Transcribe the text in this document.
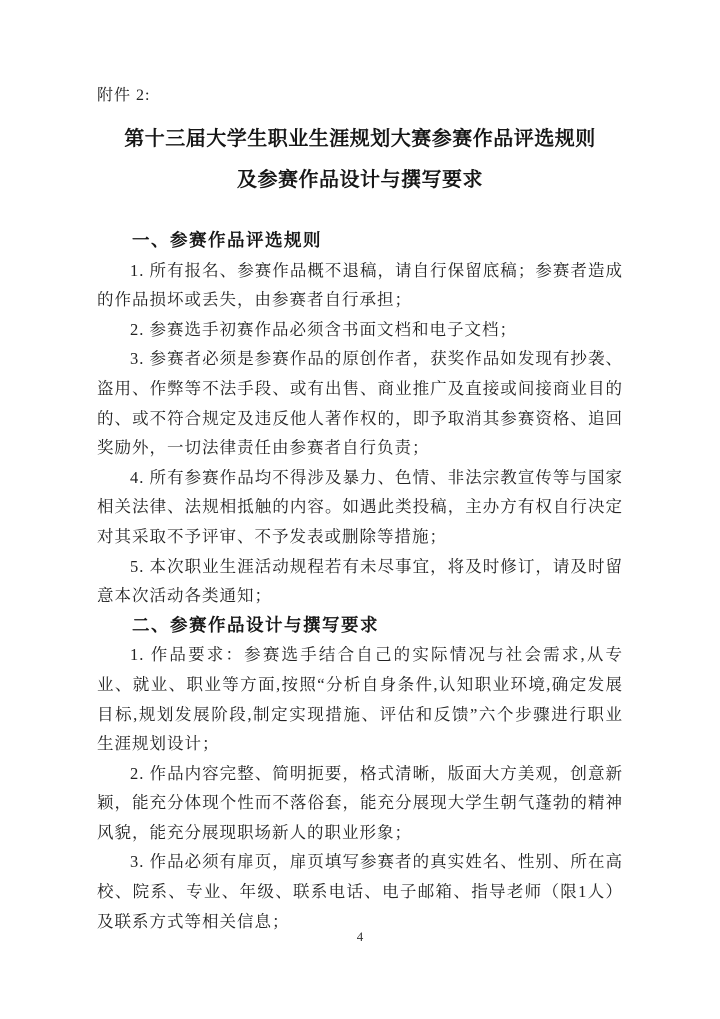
附件 2:
第十三届大学生职业生涯规划大赛参赛作品评选规则
及参赛作品设计与撰写要求
一、参赛作品评选规则

1. 所有报名、参赛作品概不退稿，请自行保留底稿；参赛者造成的作品损坏或丢失，由参赛者自行承担；

2. 参赛选手初赛作品必须含书面文档和电子文档；

3. 参赛者必须是参赛作品的原创作者，获奖作品如发现有抄袭、盗用、作弊等不法手段、或有出售、商业推广及直接或间接商业目的的、或不符合规定及违反他人著作权的，即予取消其参赛资格、追回奖励外，一切法律责任由参赛者自行负责；

4. 所有参赛作品均不得涉及暴力、色情、非法宗教宣传等与国家相关法律、法规相抵触的内容。如遇此类投稿，主办方有权自行决定对其采取不予评审、不予发表或删除等措施；

5. 本次职业生涯活动规程若有未尽事宜，将及时修订，请及时留意本次活动各类通知；

二、参赛作品设计与撰写要求

1. 作品要求：参赛选手结合自己的实际情况与社会需求,从专业、就业、职业等方面,按照“分析自身条件,认知职业环境,确定发展目标,规划发展阶段,制定实现措施、评估和反馈”六个步骤进行职业生涯规划设计；

2. 作品内容完整、简明扼要，格式清晰，版面大方美观，创意新颖，能充分体现个性而不落俗套，能充分展现大学生朝气蓬勃的精神风貌，能充分展现职场新人的职业形象；

3. 作品必须有扉页，扉页填写参赛者的真实姓名、性别、所在高校、院系、专业、年级、联系电话、电子邮箱、指导老师（限1人）及联系方式等相关信息；

4
